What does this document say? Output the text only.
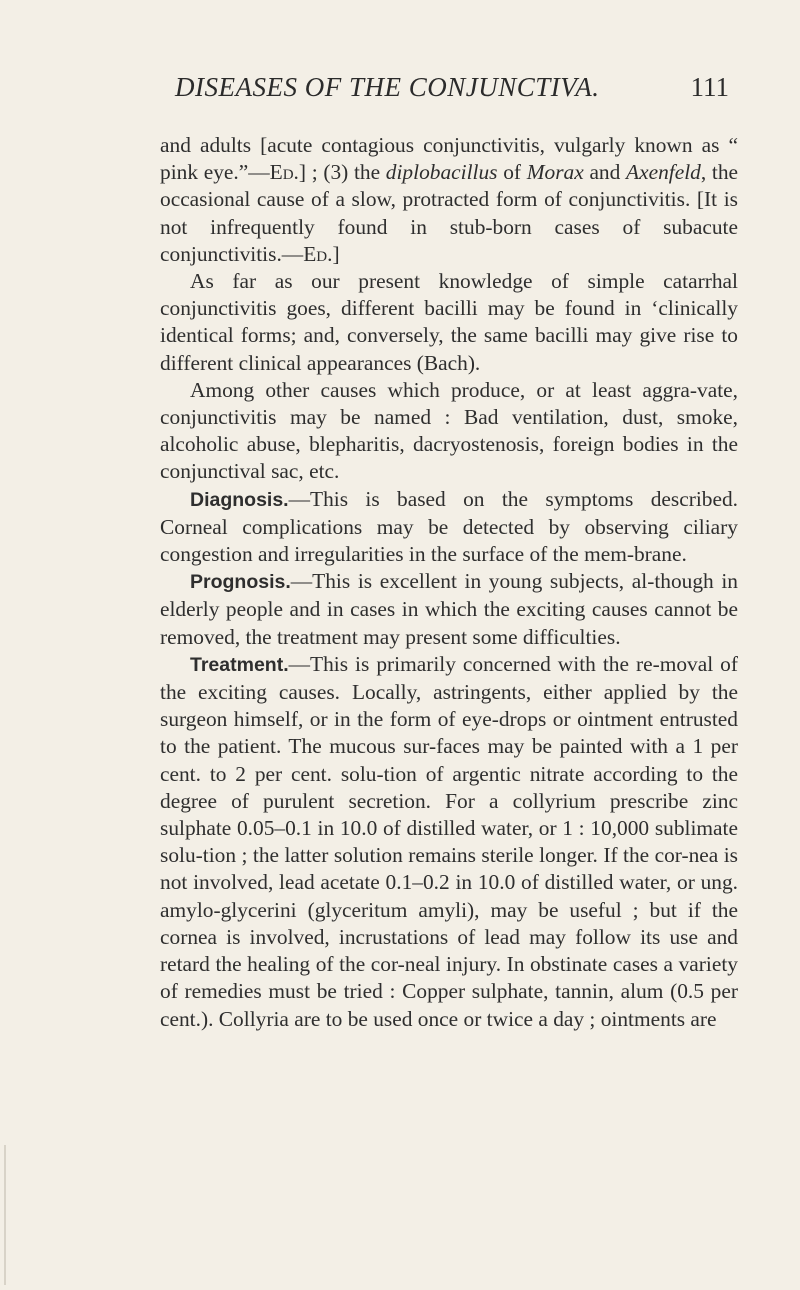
DISEASES OF THE CONJUNCTIVA.	111

and adults [acute contagious conjunctivitis, vulgarly known as “ pink eye.”—Ed.] ; (3) the diplobacillus of Morax and Axenfeld, the occasional cause of a slow, protracted form of conjunctivitis. [It is not infrequently found in stub-born cases of subacute conjunctivitis.—Ed.]

As far as our present knowledge of simple catarrhal conjunctivitis goes, different bacilli may be found in ‘clinically identical forms; and, conversely, the same bacilli may give rise to different clinical appearances (Bach).

Among other causes which produce, or at least aggra-vate, conjunctivitis may be named : Bad ventilation, dust, smoke, alcoholic abuse, blepharitis, dacryostenosis, foreign bodies in the conjunctival sac, etc.

Diagnosis.—This is based on the symptoms described. Corneal complications may be detected by observing ciliary congestion and irregularities in the surface of the mem-brane.

Prognosis.—This is excellent in young subjects, al-though in elderly people and in cases in which the exciting causes cannot be removed, the treatment may present some difficulties.

Treatment.—This is primarily concerned with the re-moval of the exciting causes. Locally, astringents, either applied by the surgeon himself, or in the form of eye-drops or ointment entrusted to the patient. The mucous sur-faces may be painted with a 1 per cent. to 2 per cent. solu-tion of argentic nitrate according to the degree of purulent secretion. For a collyrium prescribe zinc sulphate 0.05–0.1 in 10.0 of distilled water, or 1 : 10,000 sublimate solu-tion ; the latter solution remains sterile longer. If the cor-nea is not involved, lead acetate 0.1–0.2 in 10.0 of distilled water, or ung. amylo-glycerini (glyceritum amyli), may be useful ; but if the cornea is involved, incrustations of lead may follow its use and retard the healing of the cor-neal injury. In obstinate cases a variety of remedies must be tried : Copper sulphate, tannin, alum (0.5 per cent.). Collyria are to be used once or twice a day ; ointments are
